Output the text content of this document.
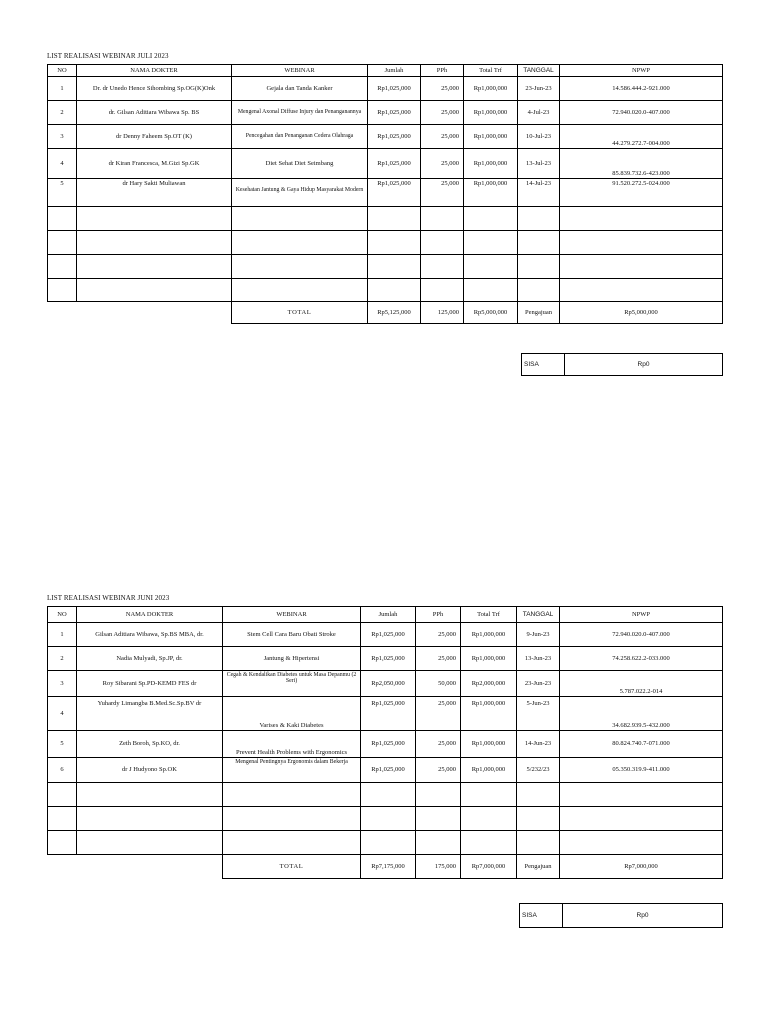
LIST REALISASI WEBINAR JULI 2023
NO	NAMA DOKTER	WEBINAR	Jumlah	PPh	Total Trf	TANGGAL	NPWP
1	Dr. dr Unedo Hence Sihombing Sp.OG(K)Onk	Gejala dan Tanda Kanker	Rp1,025,000	25,000	Rp1,000,000	23-Jun-23	14.586.444.2-921.000
2	dr. Gilsan Aditiara Wibawa Sp. BS	Mengenal Axonal Diffuse Injury dan Penanganannya	Rp1,025,000	25,000	Rp1,000,000	4-Jul-23	72.940.020.0-407.000
3	dr Denny Faheem Sp.OT (K)	Pencegahan dan Penanganan Cedera Olahraga	Rp1,025,000	25,000	Rp1,000,000	10-Jul-23	44.279.272.7-004.000
4	dr Kiran Francesca, M.Gizi Sp.GK	Diet Sehat Diet Seimbang	Rp1,025,000	25,000	Rp1,000,000	13-Jul-23	85.839.732.6-423.000
5	dr Hary Sakti Muliawan	Kesehatan Jantung & Gaya Hidup Masyarakat Modern	Rp1,025,000	25,000	Rp1,000,000	14-Jul-23	91.520.272.5-024.000

		TOTAL	Rp5,125,000	125,000	Rp5,000,000	Pengajuan	Rp5,000,000
SISA	Rp0
LIST REALISASI WEBINAR JUNI 2023
NO	NAMA DOKTER	WEBINAR	Jumlah	PPh	Total Trf	TANGGAL	NPWP
1	Gilsan Aditiara Wibawa, Sp.BS MBA, dr.	Stem Cell Cara Baru Obati Stroke	Rp1,025,000	25,000	Rp1,000,000	9-Jun-23	72.940.020.0-407.000
2	Nadia Mulyadi, Sp.JP, dr.	Jantung & Hipertensi	Rp1,025,000	25,000	Rp1,000,000	13-Jun-23	74.258.622.2-033.000
3	Roy Sibarani Sp.PD-KEMD FES dr	Cegah & Kendalikan Diabetes untuk Masa Depanmu (2 Seri)	Rp2,050,000	50,000	Rp2,000,000	23-Jun-23	5.787.022.2-014
4	Yuhardy Limangba B.Med.Sc.Sp.BV dr	Varises & Kaki Diabetes	Rp1,025,000	25,000	Rp1,000,000	5-Jun-23	34.682.939.5-432.000
5	Zeth Boroh, Sp.KO, dr.	Prevent Health Problems with Ergonomics	Rp1,025,000	25,000	Rp1,000,000	14-Jun-23	80.824.740.7-071.000
6	dr J Hudyono Sp.OK	Mengenal Pentingnya Ergonomis dalam Bekerja	Rp1,025,000	25,000	Rp1,000,000	5/232/23	05.350.319.9-411.000

		TOTAL	Rp7,175,000	175,000	Rp7,000,000	Pengajuan	Rp7,000,000
SISA	Rp0
